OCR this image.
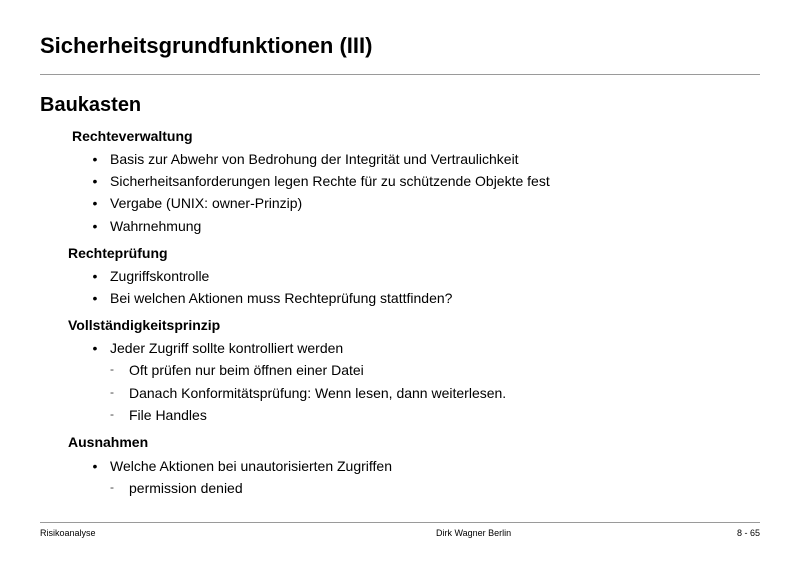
Sicherheitsgrundfunktionen (III)
Baukasten
Rechteverwaltung
• Basis zur Abwehr von Bedrohung der Integrität und Vertraulichkeit
• Sicherheitsanforderungen legen Rechte für zu schützende Objekte fest
• Vergabe (UNIX: owner-Prinzip)
• Wahrnehmung
Rechteprüfung
• Zugriffskontrolle
• Bei welchen Aktionen muss Rechteprüfung stattfinden?
Vollständigkeitsprinzip
• Jeder Zugriff sollte kontrolliert werden
- Oft prüfen nur beim öffnen einer Datei
- Danach Konformitätsprüfung: Wenn lesen, dann weiterlesen.
- File Handles
Ausnahmen
• Welche Aktionen bei unautorisierten Zugriffen
- permission denied
Risikoanalyse	Dirk Wagner Berlin	8 - 65
